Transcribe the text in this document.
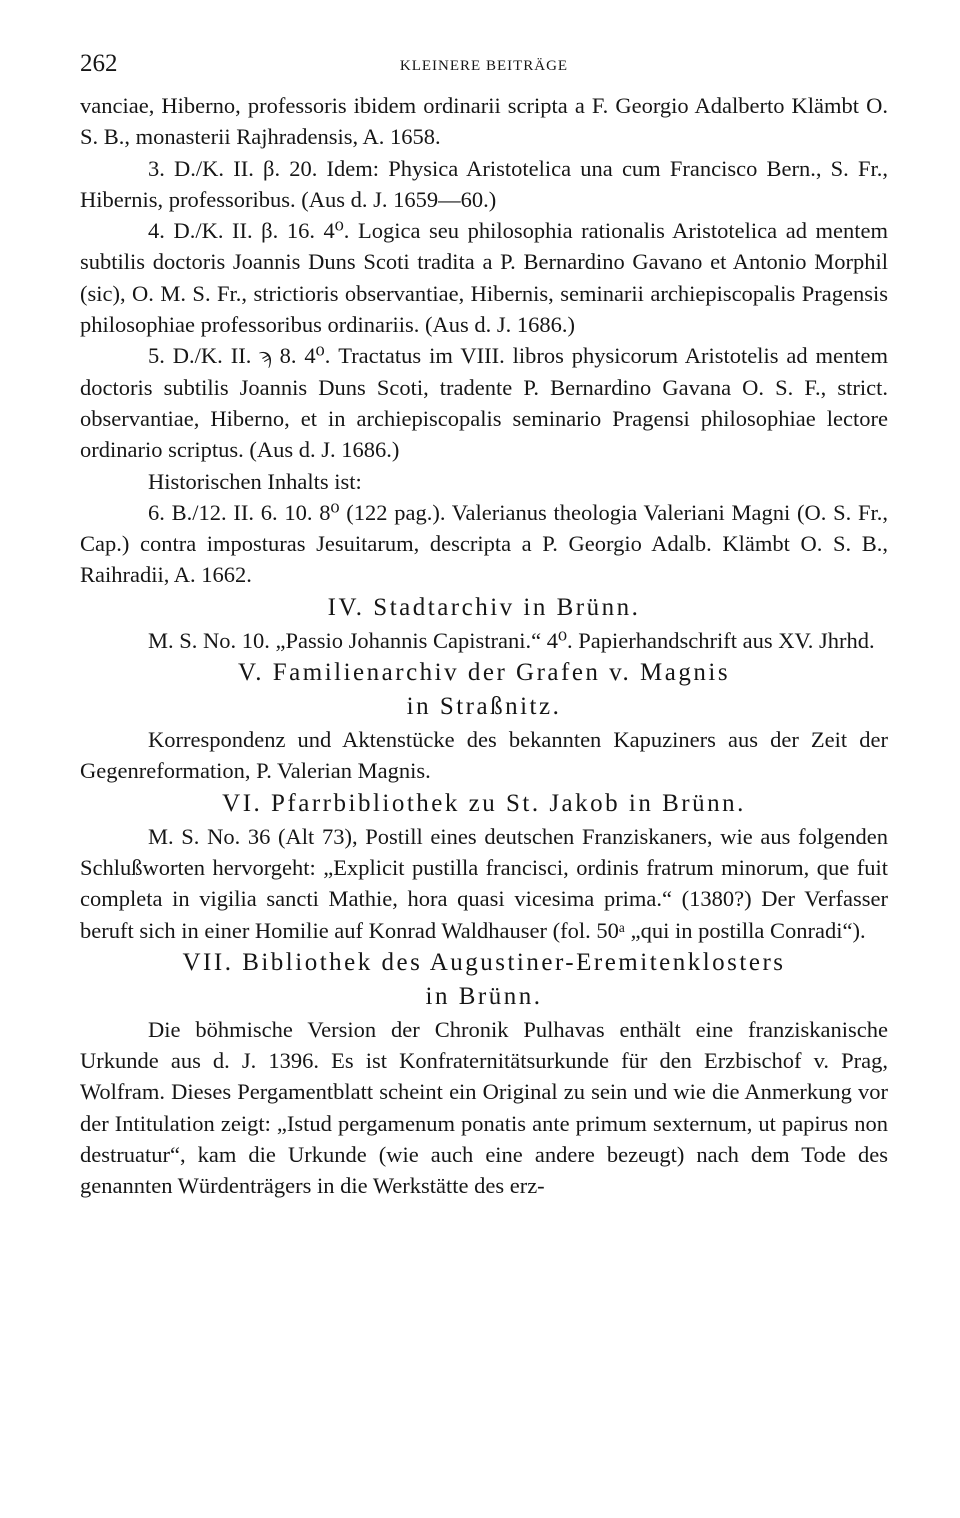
262	KLEINERE BEITRÄGE

vanciae, Hiberno, professoris ibidem ordinarii scripta a F. Georgio Adalberto Klämbt O. S. B., monasterii Rajhradensis, A. 1658.

3. D./K. II. β. 20. Idem: Physica Aristotelica una cum Francisco Bern., S. Fr., Hibernis, professoribus. (Aus d. J. 1659—60.)

4. D./K. II. β. 16. 4⁰. Logica seu philosophia rationalis Aristotelica ad mentem subtilis doctoris Joannis Duns Scoti tradita a P. Bernardino Gavano et Antonio Morphil (sic), O. M. S. Fr., strictioris observantiae, Hibernis, seminarii archiepiscopalis Pragensis philosophiae professoribus ordinariis. (Aus d. J. 1686.)

5. D./K. II. ϡ 8. 4⁰. Tractatus im VIII. libros physicorum Aristotelis ad mentem doctoris subtilis Joannis Duns Scoti, tradente P. Bernardino Gavana O. S. F., strict. observantiae, Hiberno, et in archiepiscopalis seminario Pragensi philosophiae lectore ordinario scriptus. (Aus d. J. 1686.)

Historischen Inhalts ist:

6. B./12. II. 6. 10. 8⁰ (122 pag.). Valerianus theologia Valeriani Magni (O. S. Fr., Cap.) contra imposturas Jesuitarum, descripta a P. Georgio Adalb. Klämbt O. S. B., Raihradii, A. 1662.

IV. Stadtarchiv in Brünn.

M. S. No. 10. „Passio Johannis Capistrani.“ 4⁰. Papierhandschrift aus XV. Jhrhd.

V. Familienarchiv der Grafen v. Magnis

in Straßnitz.

Korrespondenz und Aktenstücke des bekannten Kapuziners aus der Zeit der Gegenreformation, P. Valerian Magnis.

VI. Pfarrbibliothek zu St. Jakob in Brünn.

M. S. No. 36 (Alt 73), Postill eines deutschen Franziskaners, wie aus folgenden Schlußworten hervorgeht: „Explicit pustilla francisci, ordinis fratrum minorum, que fuit completa in vigilia sancti Mathie, hora quasi vicesima prima.“ (1380?) Der Verfasser beruft sich in einer Homilie auf Konrad Waldhauser (fol. 50ᵃ „qui in postilla Conradi“).

VII. Bibliothek des Augustiner-Eremitenklosters

in Brünn.

Die böhmische Version der Chronik Pulhavas enthält eine franziskanische Urkunde aus d. J. 1396. Es ist Konfraternitätsurkunde für den Erzbischof v. Prag, Wolfram. Dieses Pergamentblatt scheint ein Original zu sein und wie die Anmerkung vor der Intitulation zeigt: „Istud pergamenum ponatis ante primum sexternum, ut papirus non destruatur“, kam die Urkunde (wie auch eine andere bezeugt) nach dem Tode des genannten Würdenträgers in die Werkstätte des erz-
